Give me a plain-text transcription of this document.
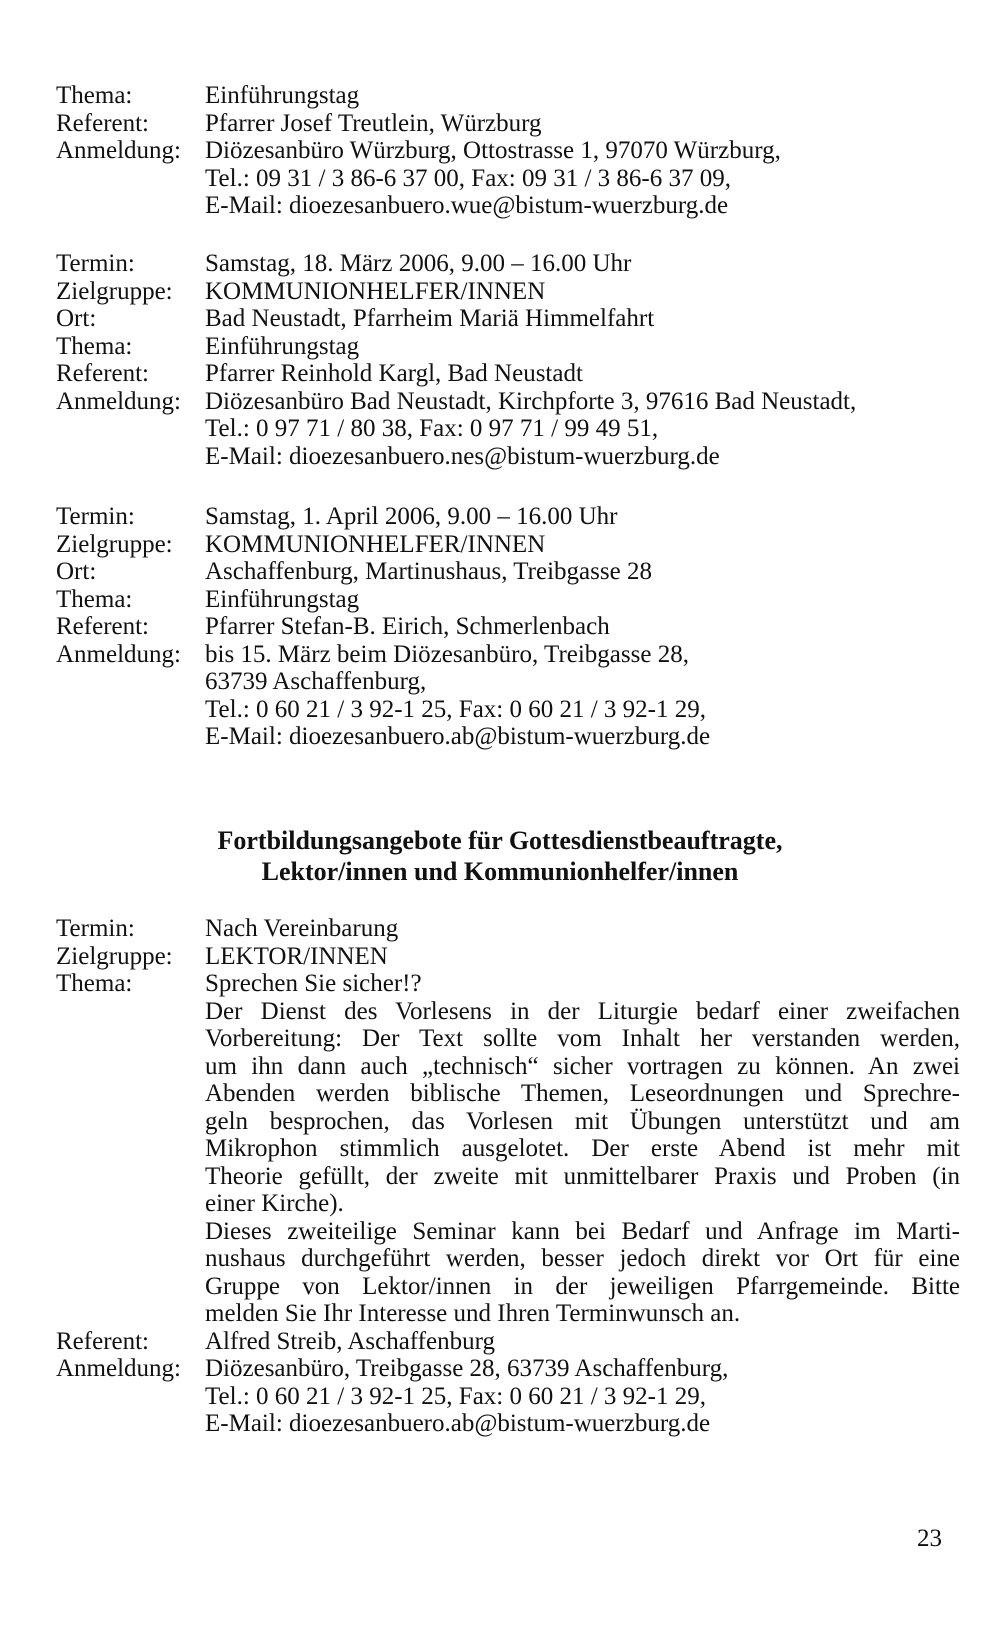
Thema:	Einführungstag
Referent:	Pfarrer Josef Treutlein, Würzburg
Anmeldung: Diözesanbüro Würzburg, Ottostrasse 1, 97070 Würzburg,
Tel.: 09 31 / 3 86-6 37 00, Fax: 09 31 / 3 86-6 37 09,
E-Mail: dioezesanbuero.wue@bistum-wuerzburg.de
Termin:	Samstag, 18. März 2006, 9.00 – 16.00 Uhr
Zielgruppe:	KOMMUNIONHELFER/INNEN
Ort:	Bad Neustadt, Pfarrheim Mariä Himmelfahrt
Thema:	Einführungstag
Referent:	Pfarrer Reinhold Kargl, Bad Neustadt
Anmeldung: Diözesanbüro Bad Neustadt, Kirchpforte 3, 97616 Bad Neustadt,
Tel.: 0 97 71 / 80 38, Fax: 0 97 71 / 99 49 51,
E-Mail: dioezesanbuero.nes@bistum-wuerzburg.de
Termin:	Samstag, 1. April 2006, 9.00 – 16.00 Uhr
Zielgruppe:	KOMMUNIONHELFER/INNEN
Ort:	Aschaffenburg, Martinushaus, Treibgasse 28
Thema:	Einführungstag
Referent:	Pfarrer Stefan-B. Eirich, Schmerlenbach
Anmeldung: bis 15. März beim Diözesanbüro, Treibgasse 28,
63739 Aschaffenburg,
Tel.: 0 60 21 / 3 92-1 25, Fax: 0 60 21 / 3 92-1 29,
E-Mail: dioezesanbuero.ab@bistum-wuerzburg.de
Fortbildungsangebote für Gottesdienstbeauftragte,
Lektor/innen und Kommunionhelfer/innen
Termin:	Nach Vereinbarung
Zielgruppe:	LEKTOR/INNEN
Thema:	Sprechen Sie sicher!?
Der Dienst des Vorlesens in der Liturgie bedarf einer zweifachen
Vorbereitung: Der Text sollte vom Inhalt her verstanden werden,
um ihn dann auch „technisch“ sicher vortragen zu können. An zwei
Abenden werden biblische Themen, Leseordnungen und Sprechre-
geln besprochen, das Vorlesen mit Übungen unterstützt und am
Mikrophon stimmlich ausgelotet. Der erste Abend ist mehr mit
Theorie gefüllt, der zweite mit unmittelbarer Praxis und Proben (in
einer Kirche).
Dieses zweiteilige Seminar kann bei Bedarf und Anfrage im Marti-
nushaus durchgeführt werden, besser jedoch direkt vor Ort für eine
Gruppe von Lektor/innen in der jeweiligen Pfarrgemeinde. Bitte
melden Sie Ihr Interesse und Ihren Terminwunsch an.
Referent:	Alfred Streib, Aschaffenburg
Anmeldung: Diözesanbüro, Treibgasse 28, 63739 Aschaffenburg,
Tel.: 0 60 21 / 3 92-1 25, Fax: 0 60 21 / 3 92-1 29,
E-Mail: dioezesanbuero.ab@bistum-wuerzburg.de
23
